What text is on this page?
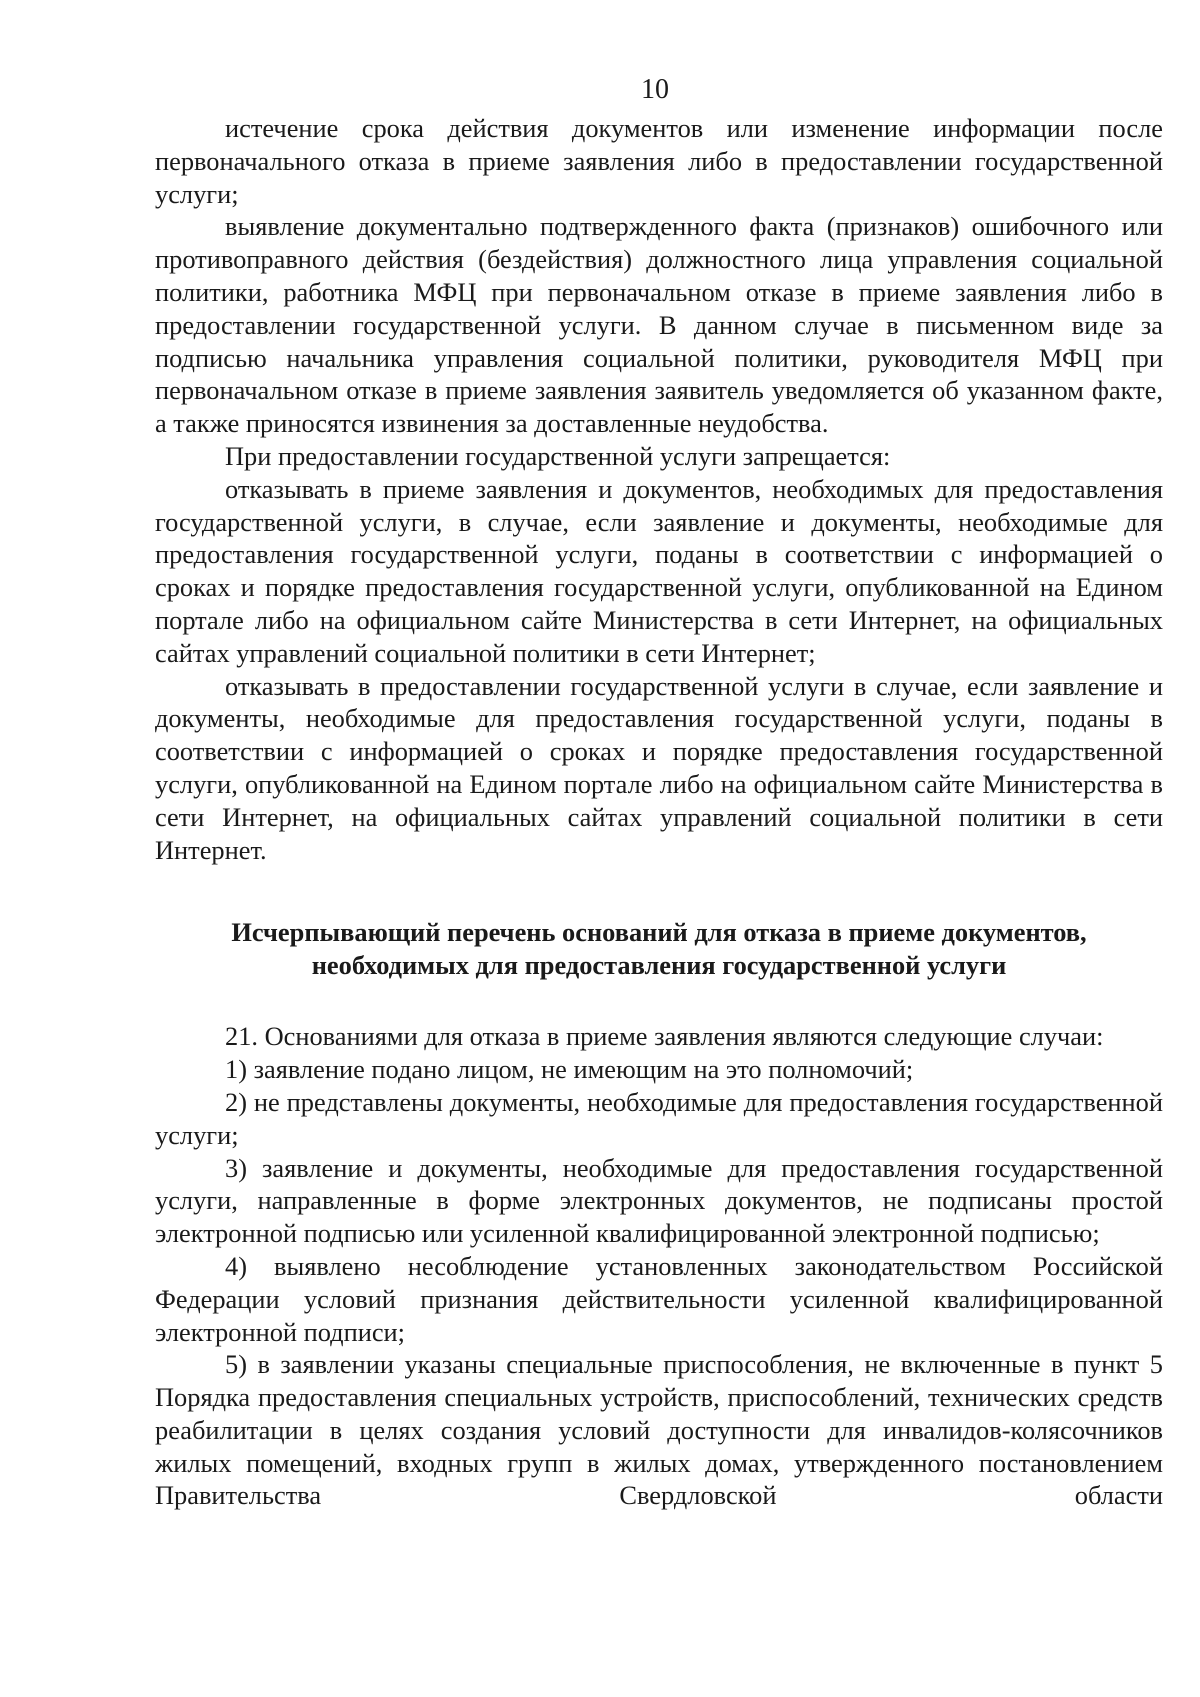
10

истечение срока действия документов или изменение информации после первоначального отказа в приеме заявления либо в предоставлении государственной услуги;

выявление документально подтвержденного факта (признаков) ошибочного или противоправного действия (бездействия) должностного лица управления социальной политики, работника МФЦ при первоначальном отказе в приеме заявления либо в предоставлении государственной услуги. В данном случае в письменном виде за подписью начальника управления социальной политики, руководителя МФЦ при первоначальном отказе в приеме заявления заявитель уведомляется об указанном факте, а также приносятся извинения за доставленные неудобства.

При предоставлении государственной услуги запрещается:

отказывать в приеме заявления и документов, необходимых для предоставления государственной услуги, в случае, если заявление и документы, необходимые для предоставления государственной услуги, поданы в соответствии с информацией о сроках и порядке предоставления государственной услуги, опубликованной на Едином портале либо на официальном сайте Министерства в сети Интернет, на официальных сайтах управлений социальной политики в сети Интернет;

отказывать в предоставлении государственной услуги в случае, если заявление и документы, необходимые для предоставления государственной услуги, поданы в соответствии с информацией о сроках и порядке предоставления государственной услуги, опубликованной на Едином портале либо на официальном сайте Министерства в сети Интернет, на официальных сайтах управлений социальной политики в сети Интернет.

Исчерпывающий перечень оснований для отказа в приеме документов,
необходимых для предоставления государственной услуги

21. Основаниями для отказа в приеме заявления являются следующие случаи:

1) заявление подано лицом, не имеющим на это полномочий;

2) не представлены документы, необходимые для предоставления государственной услуги;

3) заявление и документы, необходимые для предоставления государственной услуги, направленные в форме электронных документов, не подписаны простой электронной подписью или усиленной квалифицированной электронной подписью;

4) выявлено несоблюдение установленных законодательством Российской Федерации условий признания действительности усиленной квалифицированной электронной подписи;

5) в заявлении указаны специальные приспособления, не включенные в пункт 5 Порядка предоставления специальных устройств, приспособлений, технических средств реабилитации в целях создания условий доступности для инвалидов-колясочников жилых помещений, входных групп в жилых домах, утвержденного постановлением Правительства Свердловской области
